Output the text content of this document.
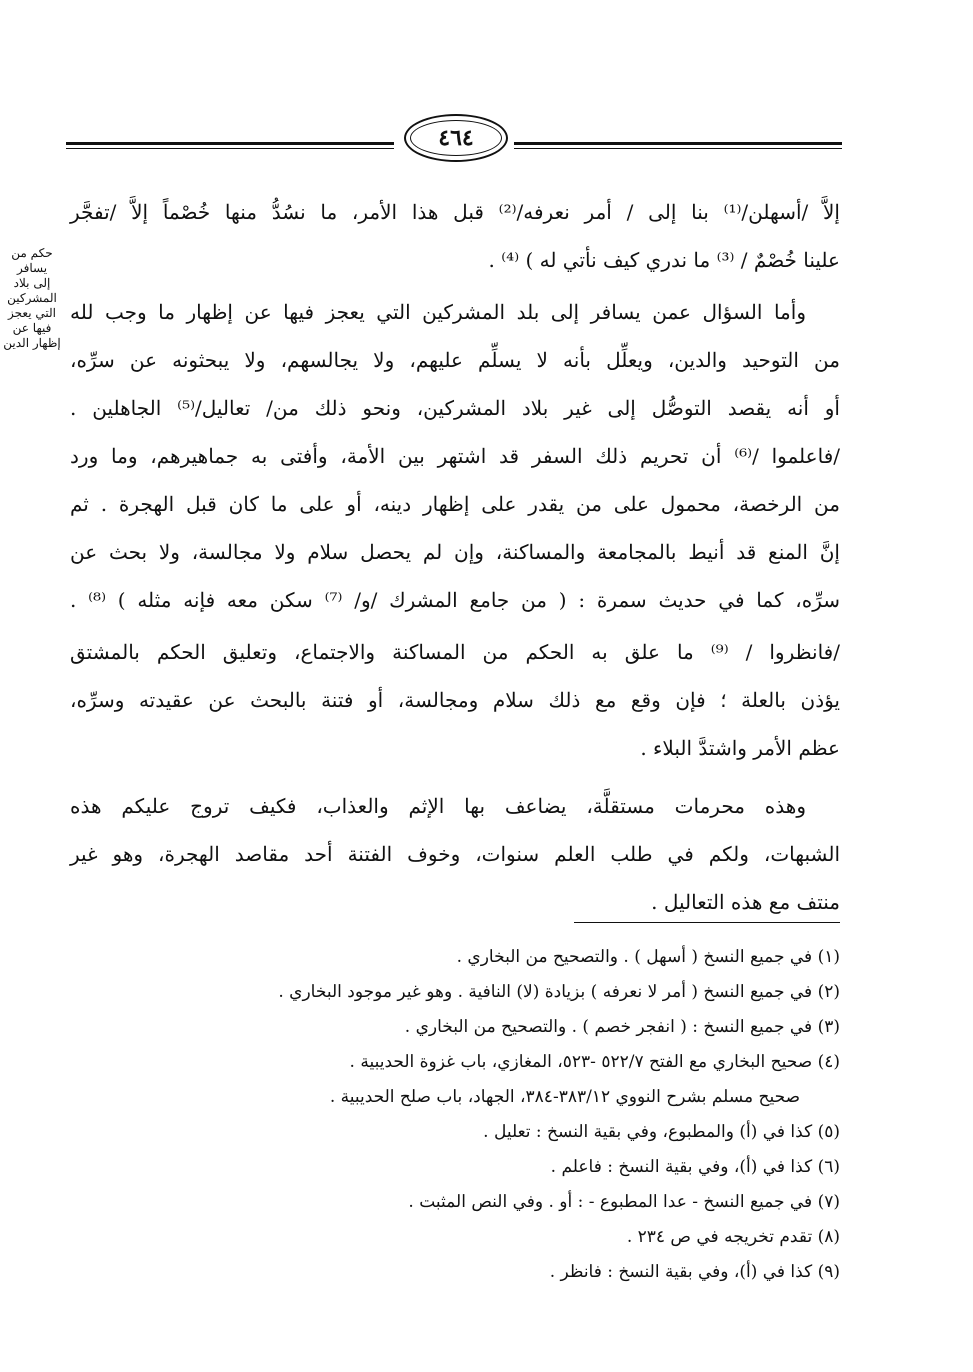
٤٦٤
حكم من
يسافر
إلى بلاد
المشركين
التي يعجز
فيها عن
إظهار الدين
إلاَّ /أسهلن/⁽¹⁾ بنا إلى / أمر نعرفه/⁽²⁾ قبل هذا الأمر، ما نسُدُّ منها خُصْماً إلاَّ /تفجَّر
علينا خُصْمٌ / ⁽³⁾ ما ندري كيف نأتي له ) ⁽⁴⁾ .
وأما السؤال عمن يسافر إلى بلد المشركين التي يعجز فيها عن إظهار ما وجب لله
من التوحيد والدين، ويعلِّل بأنه لا يسلِّم عليهم، ولا يجالسهم، ولا يبحثونه عن سرِّه،
أو أنه يقصد التوصُّل إلى غير بلاد المشركين، ونحو ذلك من/ تعاليل/⁽⁵⁾ الجاهلين .
/فاعلموا /⁽⁶⁾ أن تحريم ذلك السفر قد اشتهر بين الأمة، وأفتى به جماهيرهم، وما ورد
من الرخصة، محمول على من يقدر على إظهار دينه، أو على ما كان قبل الهجرة . ثم
إنَّ المنع قد أنيط بالمجامعة والمساكنة، وإن لم يحصل سلام ولا مجالسة، ولا بحث عن
سرِّه، كما في حديث سمرة : ( من جامع المشرك /و/ ⁽⁷⁾ سكن معه فإنه مثله ) ⁽⁸⁾ .
/فانظروا / ⁽⁹⁾ ما علق به الحكم من المساكنة والاجتماع، وتعليق الحكم بالمشتق
يؤذن بالعلة ؛ فإن وقع مع ذلك سلام ومجالسة، أو فتنة بالبحث عن عقيدته وسرِّه،
عظم الأمر واشتدَّ البلاء .
وهذه محرمات مستقلَّة، يضاعف بها الإثم والعذاب، فكيف تروج عليكم هذه
الشبهات، ولكم في طلب العلم سنوات، وخوف الفتنة أحد مقاصد الهجرة، وهو غير
منتف مع هذه التعاليل .
(١) في جميع النسخ ( أسهل ) . والتصحيح من البخاري .
(٢) في جميع النسخ ( أمر لا نعرفه ) بزيادة (لا) النافية . وهو غير موجود البخاري .
(٣) في جميع النسخ : ( انفجر خصم ) . والتصحيح من البخاري .
(٤) صحيح البخاري مع الفتح ٥٢٢/٧ -٥٢٣، المغازي، باب غزوة الحديبية .
صحيح مسلم بشرح النووي ٣٨٣/١٢-٣٨٤، الجهاد، باب صلح الحديبية .
(٥) كذا في (أ) والمطبوع، وفي بقية النسخ : تعليل .
(٦) كذا في (أ)، وفي بقية النسخ : فاعلم .
(٧) في جميع النسخ - عدا المطبوع - : أو . وفي النص المثبت .
(٨) تقدم تخريجه في ص ٢٣٤ .
(٩) كذا في (أ)، وفي بقية النسخ : فانظر .
